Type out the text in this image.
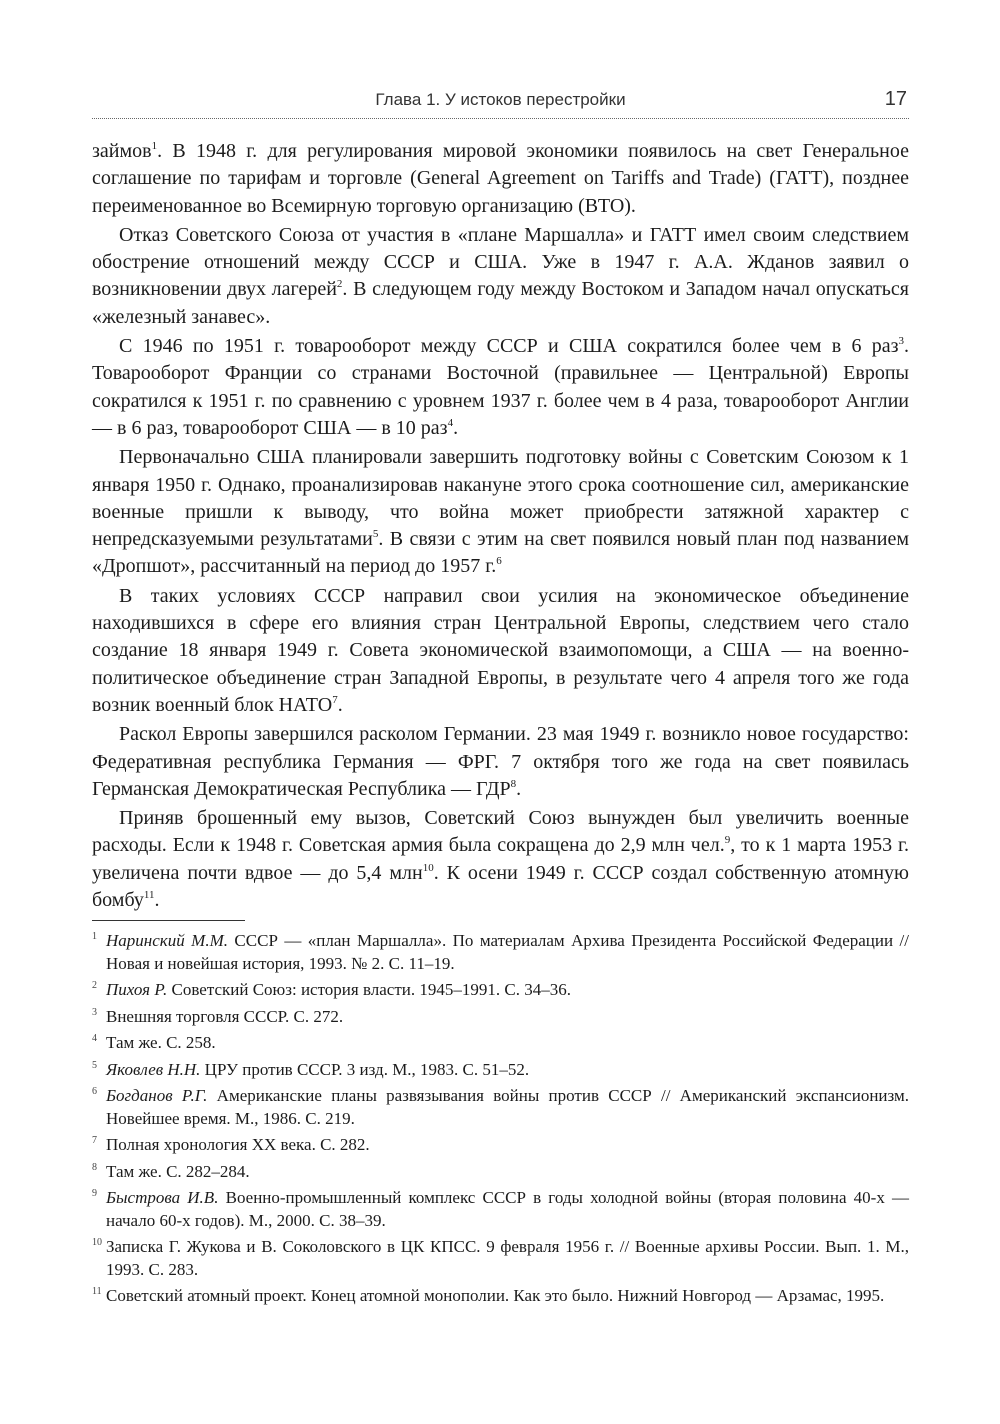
Глава 1. У истоков перестройки	17

займов$^1$. В 1948 г. для регулирования мировой экономики появилось на свет Генеральное соглашение по тарифам и торговле (General Agreement on Tariffs and Trade) (ГАТТ), позднее переименованное во Всемирную торговую организацию (ВТО).

Отказ Советского Союза от участия в «плане Маршалла» и ГАТТ имел своим следствием обострение отношений между СССР и США. Уже в 1947 г. А.А. Жданов заявил о возникновении двух лагерей$^2$. В следующем году между Востоком и Западом начал опускаться «железный занавес».

С 1946 по 1951 г. товарооборот между СССР и США сократился более чем в 6 раз$^3$. Товарооборот Франции со странами Восточной (правильнее — Центральной) Европы сократился к 1951 г. по сравнению с уровнем 1937 г. более чем в 4 раза, товарооборот Англии — в 6 раз, товарооборот США — в 10 раз$^4$.

Первоначально США планировали завершить подготовку войны с Советским Союзом к 1 января 1950 г. Однако, проанализировав накануне этого срока соотношение сил, американские военные пришли к выводу, что война может приобрести затяжной характер с непредсказуемыми результатами$^5$. В связи с этим на свет появился новый план под названием «Дропшот», рассчитанный на период до 1957 г.$^6$

В таких условиях СССР направил свои усилия на экономическое объединение находившихся в сфере его влияния стран Центральной Европы, следствием чего стало создание 18 января 1949 г. Совета экономической взаимопомощи, а США — на военно-политическое объединение стран Западной Европы, в результате чего 4 апреля того же года возник военный блок НАТО$^7$.

Раскол Европы завершился расколом Германии. 23 мая 1949 г. возникло новое государство: Федеративная республика Германия — ФРГ. 7 октября того же года на свет появилась Германская Демократическая Республика — ГДР$^8$.

Приняв брошенный ему вызов, Советский Союз вынужден был увеличить военные расходы. Если к 1948 г. Советская армия была сокращена до 2,9 млн чел.$^9$, то к 1 марта 1953 г. увеличена почти вдвое — до 5,4 млн$^{10}$. К осени 1949 г. СССР создал собственную атомную бомбу$^{11}$.

1 Наринский М.М. СССР — «план Маршалла». По материалам Архива Президента Российской Федерации // Новая и новейшая история, 1993. № 2. С. 11–19.
2 Пихоя Р. Советский Союз: история власти. 1945–1991. С. 34–36.
3 Внешняя торговля СССР. С. 272.
4 Там же. С. 258.
5 Яковлев Н.Н. ЦРУ против СССР. 3 изд. М., 1983. С. 51–52.
6 Богданов Р.Г. Американские планы развязывания войны против СССР // Американский экспансионизм. Новейшее время. М., 1986. С. 219.
7 Полная хронология XX века. С. 282.
8 Там же. С. 282–284.
9 Быстрова И.В. Военно-промышленный комплекс СССР в годы холодной войны (вторая половина 40-х — начало 60-х годов). М., 2000. С. 38–39.
10 Записка Г. Жукова и В. Соколовского в ЦК КПСС. 9 февраля 1956 г. // Военные архивы России. Вып. 1. М., 1993. С. 283.
11 Советский атомный проект. Конец атомной монополии. Как это было. Нижний Новгород — Арзамас, 1995.
